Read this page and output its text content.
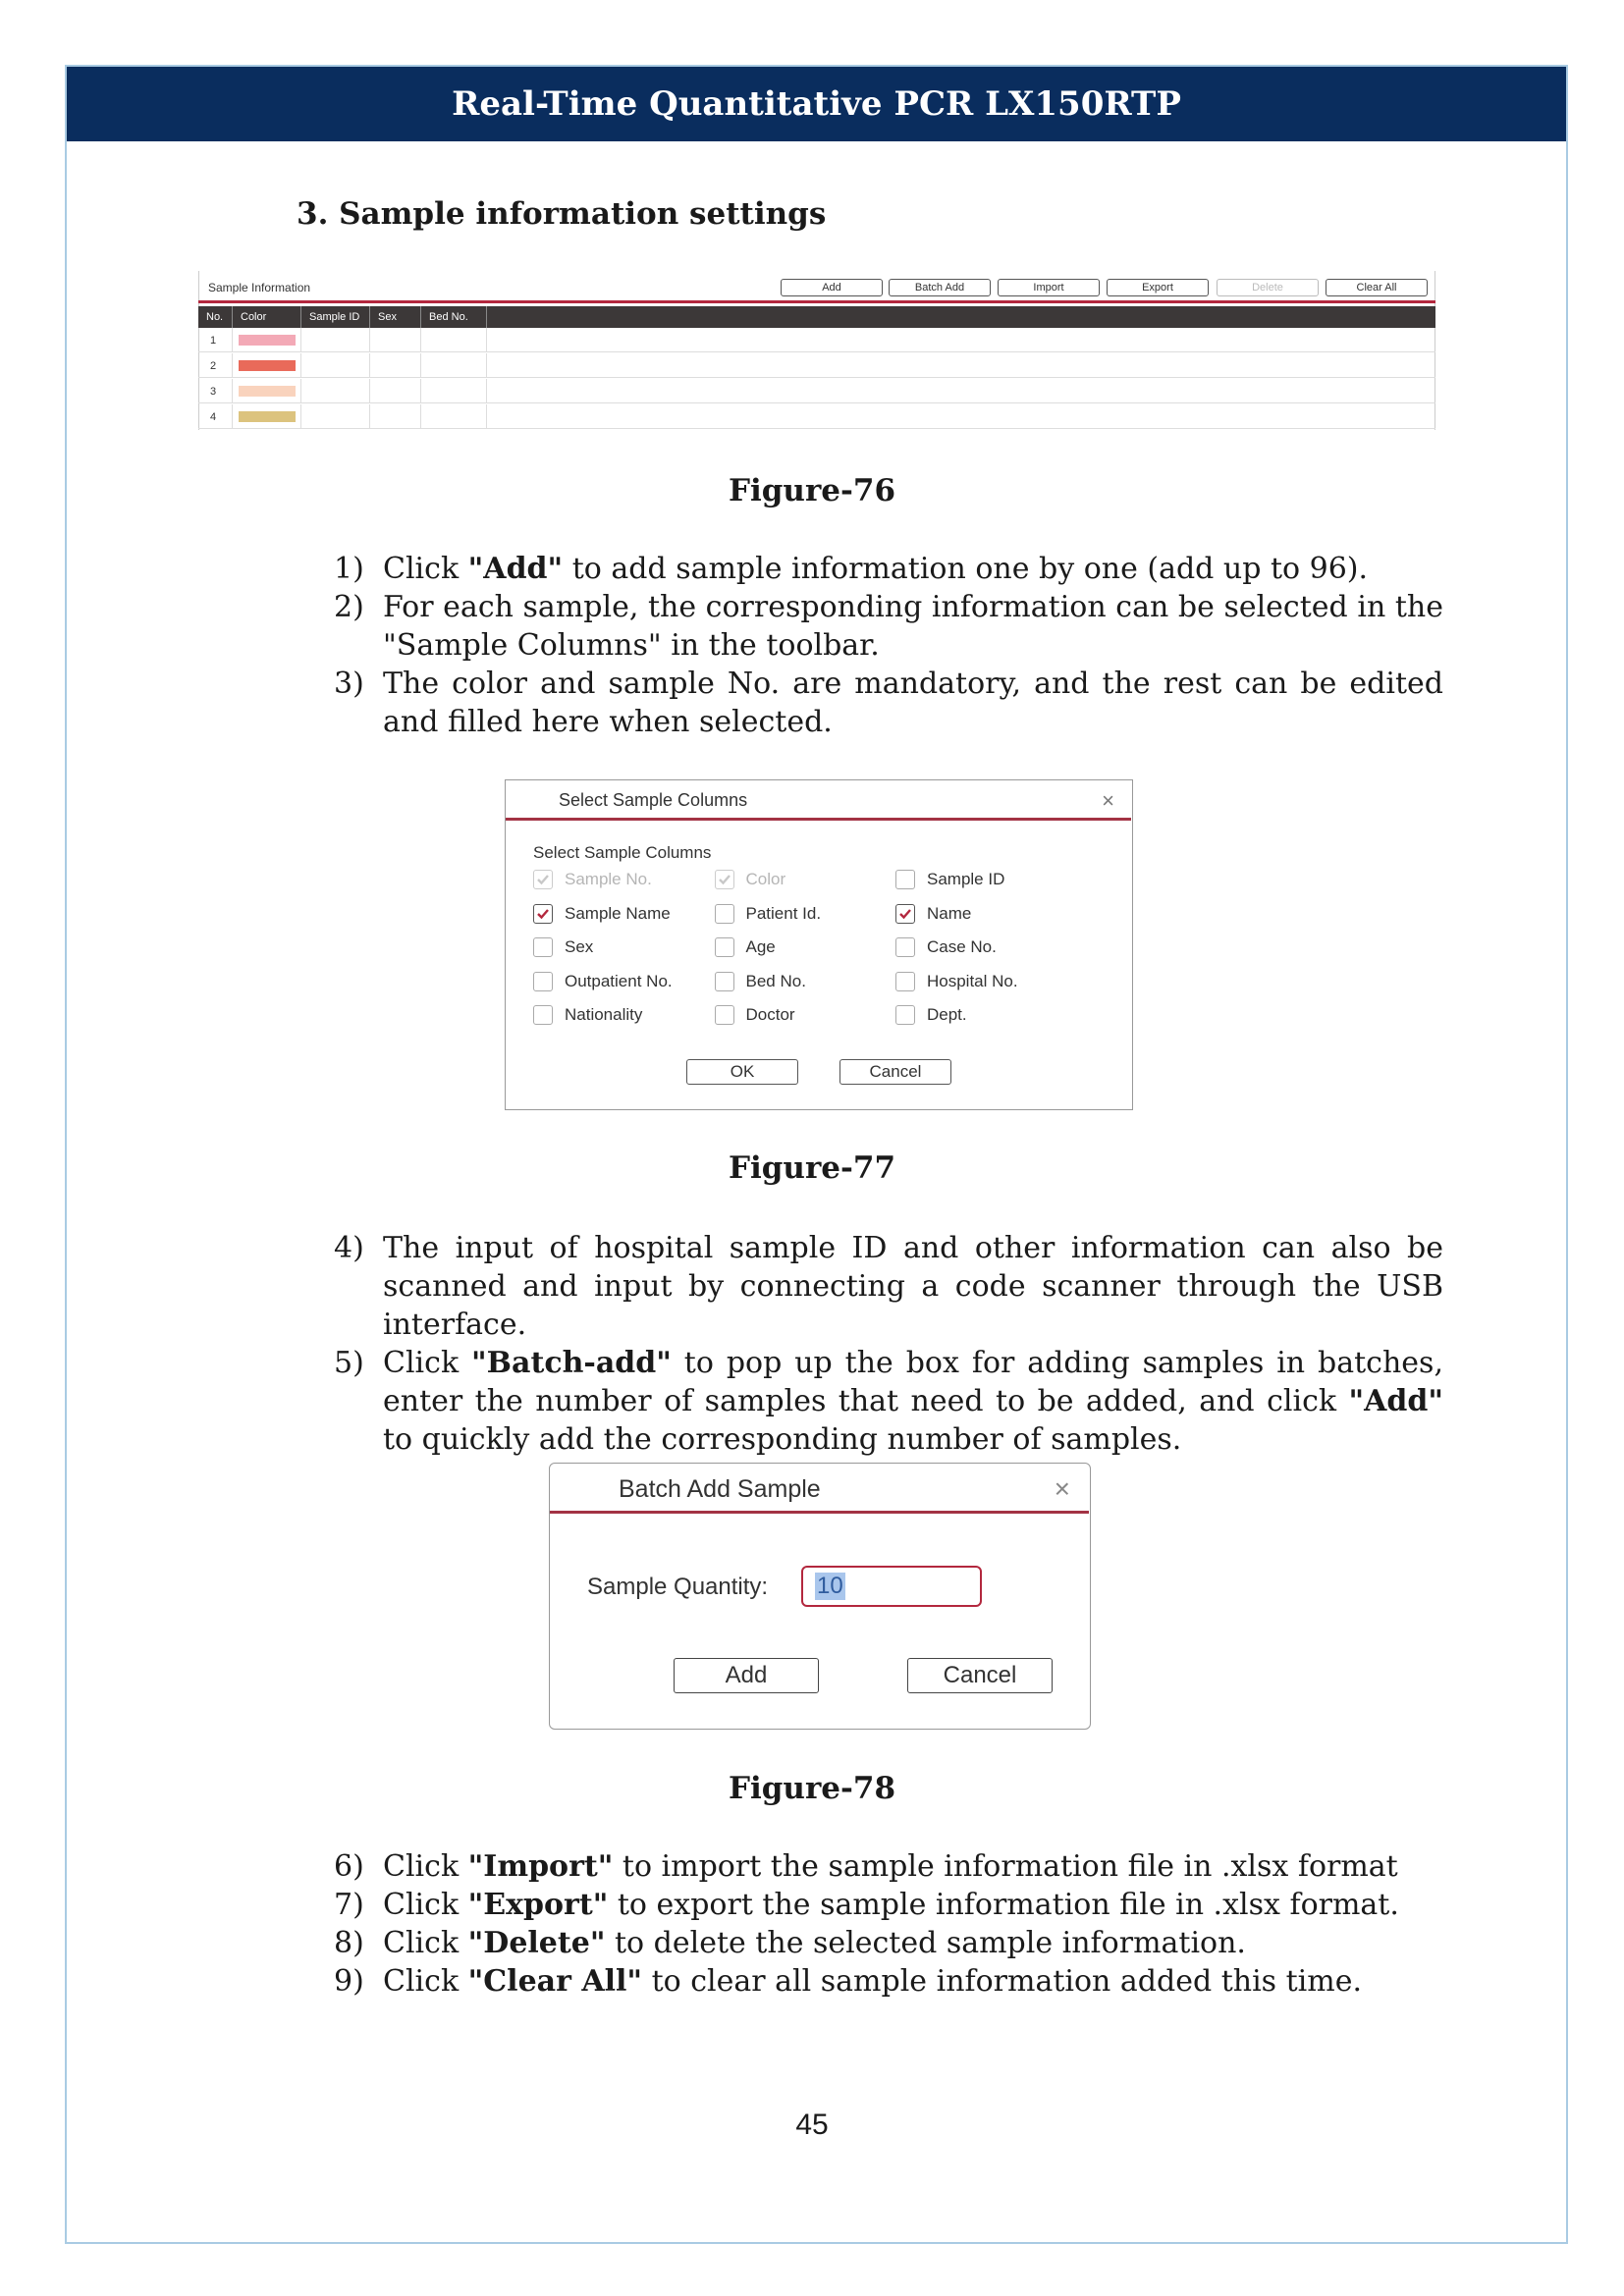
Real-Time Quantitative PCR LX150RTP
3. Sample information settings
Sample Information	Add	Batch Add	Import	Export	Delete	Clear All
No.	Color	Sample ID	Sex	Bed No.
1
2
3
4
Figure-76
1) Click "Add" to add sample information one by one (add up to 96).
2) For each sample, the corresponding information can be selected in the "Sample Columns" in the toolbar.
3) The color and sample No. are mandatory, and the rest can be edited and filled here when selected.
Select Sample Columns	×
Select Sample Columns
Sample No.	Color	Sample ID
Sample Name	Patient Id.	Name
Sex	Age	Case No.
Outpatient No.	Bed No.	Hospital No.
Nationality	Doctor	Dept.
OK	Cancel
Figure-77
4) The input of hospital sample ID and other information can also be scanned and input by connecting a code scanner through the USB interface.
5) Click "Batch-add" to pop up the box for adding samples in batches, enter the number of samples that need to be added, and click "Add" to quickly add the corresponding number of samples.
Batch Add Sample	×
Sample Quantity: 10
Add	Cancel
Figure-78
6) Click "Import" to import the sample information file in .xlsx format
7) Click "Export" to export the sample information file in .xlsx format.
8) Click "Delete" to delete the selected sample information.
9) Click "Clear All" to clear all sample information added this time.
45
